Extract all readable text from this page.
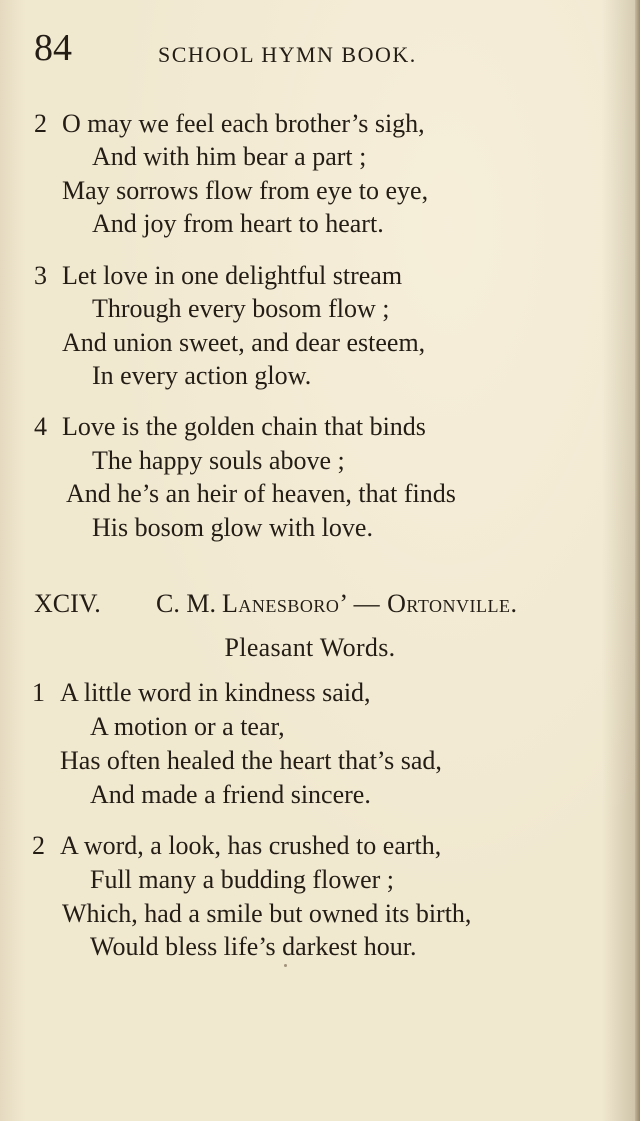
84	SCHOOL HYMN BOOK.
2 O may we feel each brother’s sigh,
And with him bear a part ;
May sorrows flow from eye to eye,
And joy from heart to heart.
3 Let love in one delightful stream
Through every bosom flow ;
And union sweet, and dear esteem,
In every action glow.
4 Love is the golden chain that binds
The happy souls above ;
And he’s an heir of heaven, that finds
His bosom glow with love.
XCIV. C. M. Lanesboro’ — Ortonville.
Pleasant Words.
1 A little word in kindness said,
A motion or a tear,
Has often healed the heart that’s sad,
And made a friend sincere.
2 A word, a look, has crushed to earth,
Full many a budding flower ;
Which, had a smile but owned its birth,
Would bless life’s darkest hour.
